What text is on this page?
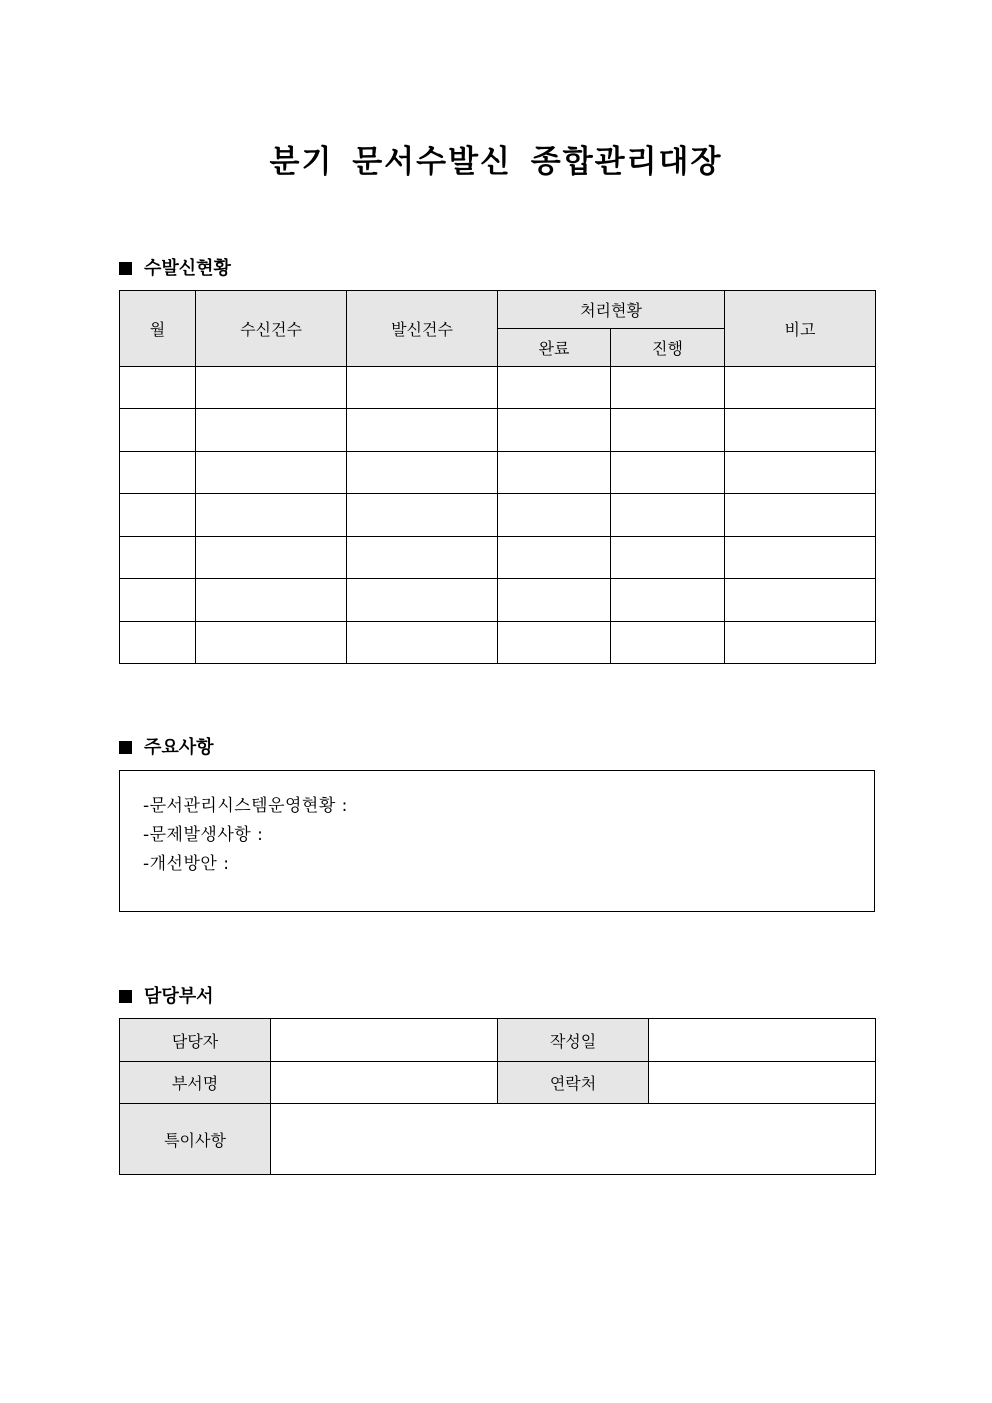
분기 문서수발신 종합관리대장
수발신현황
월	수신건수	발신건수	처리현황		비고
			완료	진행	

주요사항
-문서관리시스템운영현황 :
-문제발생사항 :
-개선방안 :
담당부서
담당자		작성일	
부서명		연락처	
특이사항			
